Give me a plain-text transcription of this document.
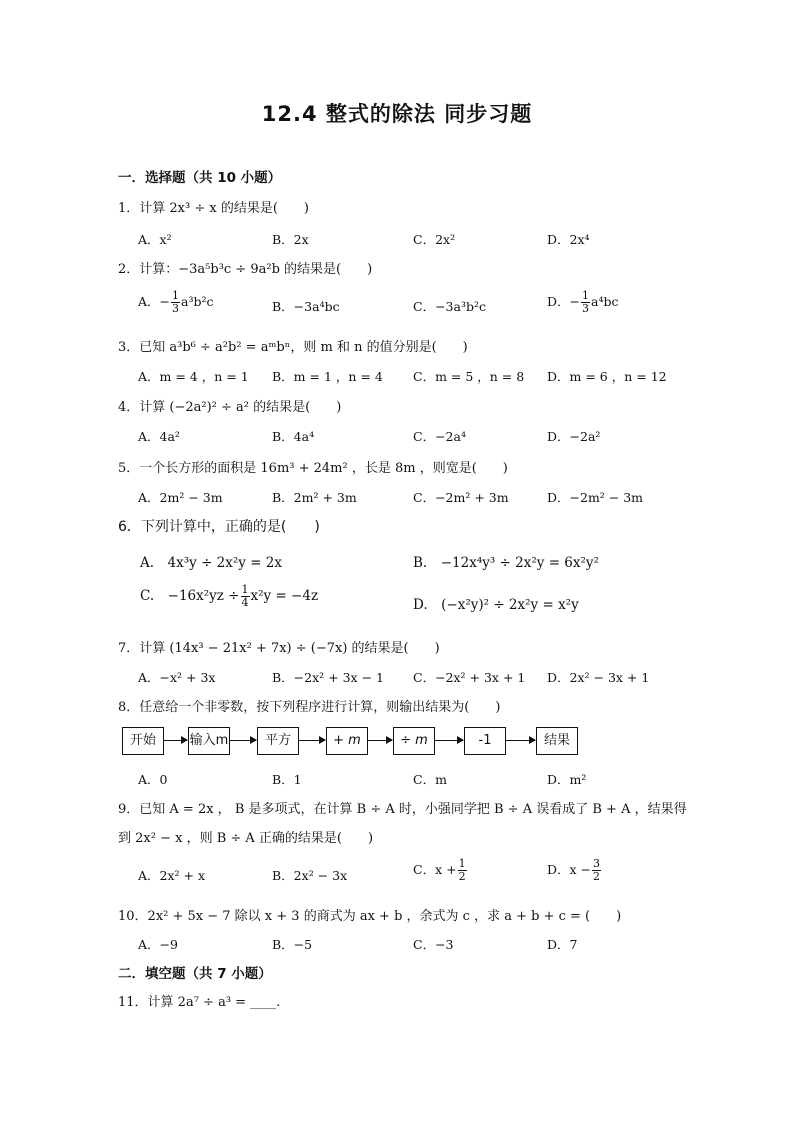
12.4 整式的除法 同步习题
一．选择题（共 10 小题）
1．计算 2x³ ÷ x 的结果是(　　)
A．x²	B．2x	C．2x²	D．2x⁴
2．计算：−3a⁵b³c ÷ 9a²b 的结果是(　　)
A．− $\frac{1}{3} a^3b^2c$	B．−3a⁴bc	C．−3a³b²c	D．− $\frac{1}{3} a^4bc$
3．已知 a³b⁶ ÷ a²b² = aᵐbⁿ，则 m 和 n 的值分别是(　　)
A．m = 4 ，n = 1 B．m = 1 ，n = 4 C．m = 5 ，n = 8 D．m = 6 ，n = 12
4．计算 (−2a²)² ÷ a² 的结果是(　　)
A．4a²	B．4a⁴	C．−2a⁴	D．−2a²
5．一个长方形的面积是 16m³ + 24m² ，长是 8m ，则宽是(　　)
A．2m² − 3m	B．2m² + 3m	C．−2m² + 3m	D．−2m² − 3m
6．下列计算中，正确的是(　　)
A.　4x³y ÷ 2x²y = 2x	B.　−12x⁴y³ ÷ 2x²y = 6x²y²
C.　$-16x^2yz \div \frac{1}{4} x^2y = -4z$
D.　(−x²y)² ÷ 2x²y = x²y
7．计算 (14x³ − 21x² + 7x) ÷ (−7x) 的结果是(　　)
A．−x² + 3x	B．−2x² + 3x − 1 C．−2x² + 3x + 1 D．2x² − 3x + 1
8．任意给一个非零数，按下列程序进行计算，则输出结果为(　　)
开始	输入m	平方	+ m	÷ m	-1	结果
A．0	B．1	C．m	D．m²
9．已知 A = 2x ， B 是多项式，在计算 B ÷ A 时，小强同学把 B ÷ A 误看成了 B + A ，结果得
到 2x² − x ，则 B ÷ A 正确的结果是(　　)
A．2x² + x	B．2x² − 3x	C．$x + \frac{1}{2}$	D．$x - \frac{3}{2}$
10．2x² + 5x − 7 除以 x + 3 的商式为 ax + b ，余式为 c ，求 a + b + c = (　　)
A．−9	B．−5	C．−3	D．7
二．填空题（共 7 小题）
11．计算 2a⁷ ÷ a³ = ____.
